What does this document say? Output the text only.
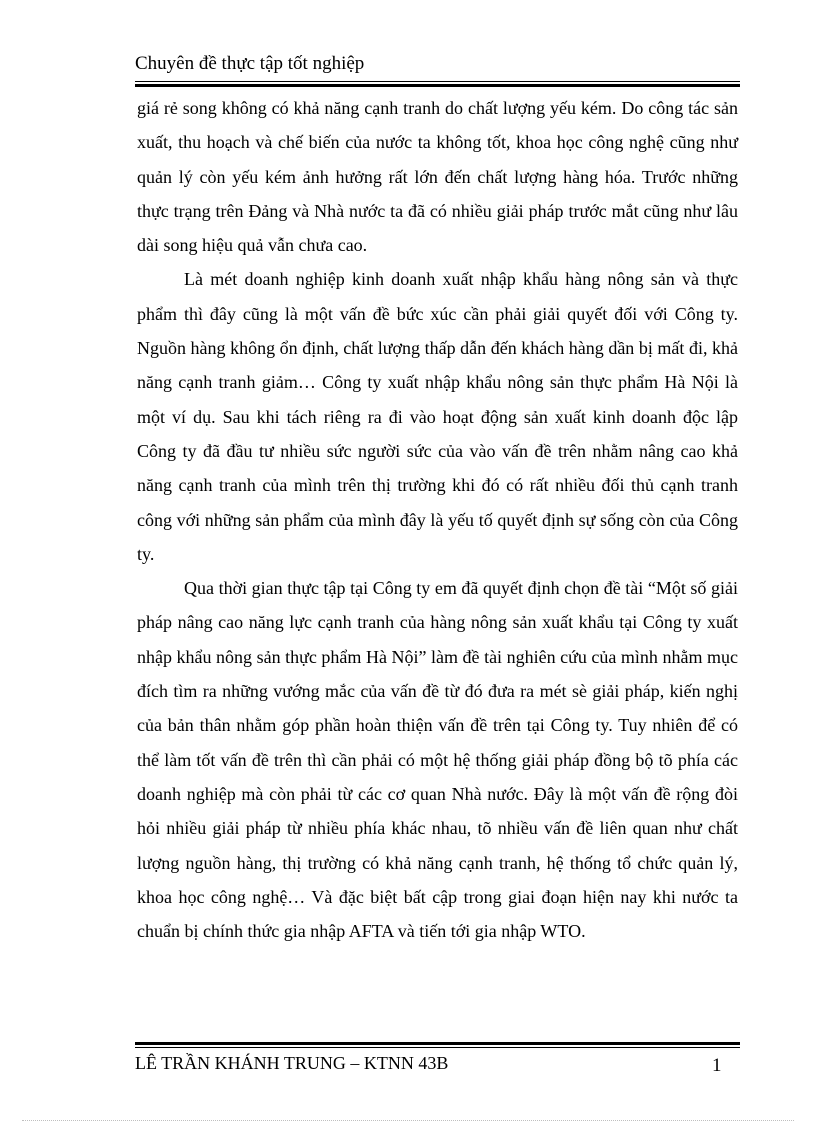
Chuyên đề thực tập tốt nghiệp

giá rẻ song không có khả năng cạnh tranh do chất lượng yếu kém. Do công tác sản xuất, thu hoạch và chế biến của nước ta không tốt, khoa học công nghệ cũng như quản lý còn yếu kém ảnh hưởng rất lớn đến chất lượng hàng hóa. Trước những thực trạng trên Đảng và Nhà nước ta đã có nhiều giải pháp trước mắt cũng như lâu dài song hiệu quả vẫn chưa cao.

Là mét doanh nghiệp kinh doanh xuất nhập khẩu hàng nông sản và thực phẩm thì đây cũng là một vấn đề bức xúc cần phải giải quyết đối với Công ty. Nguồn hàng không ổn định, chất lượng thấp dẫn đến khách hàng dần bị mất đi, khả năng cạnh tranh giảm… Công ty xuất nhập khẩu nông sản thực phẩm Hà Nội là một ví dụ. Sau khi tách riêng ra đi vào hoạt động sản xuất kinh doanh độc lập Công ty đã đầu tư nhiều sức người sức của vào vấn đề trên nhằm nâng cao khả năng cạnh tranh của mình trên thị trường khi đó có rất nhiều đối thủ cạnh tranh công với những sản phẩm của mình đây là yếu tố quyết định sự sống còn của Công ty.

Qua thời gian thực tập tại Công ty em đã quyết định chọn đề tài “Một số giải pháp nâng cao năng lực cạnh tranh của hàng nông sản xuất khẩu tại Công ty xuất nhập khẩu nông sản thực phẩm Hà Nội” làm đề tài nghiên cứu của mình nhằm mục đích tìm ra những vướng mắc của vấn đề từ đó đưa ra mét sè giải pháp, kiến nghị của bản thân nhằm góp phần hoàn thiện vấn đề trên tại Công ty. Tuy nhiên để có thể làm tốt vấn đề trên thì cần phải có một hệ thống giải pháp đồng bộ tõ phía các doanh nghiệp mà còn phải từ các cơ quan Nhà nước. Đây là một vấn đề rộng đòi hỏi nhiều giải pháp từ nhiều phía khác nhau, tõ nhiều vấn đề liên quan như chất lượng nguồn hàng, thị trường có khả năng cạnh tranh, hệ thống tổ chức quản lý, khoa học công nghệ… Và đặc biệt bất cập trong giai đoạn hiện nay khi nước ta chuẩn bị chính thức gia nhập AFTA và tiến tới gia nhập WTO.

LÊ TRẦN KHÁNH TRUNG – KTNN 43B	1
